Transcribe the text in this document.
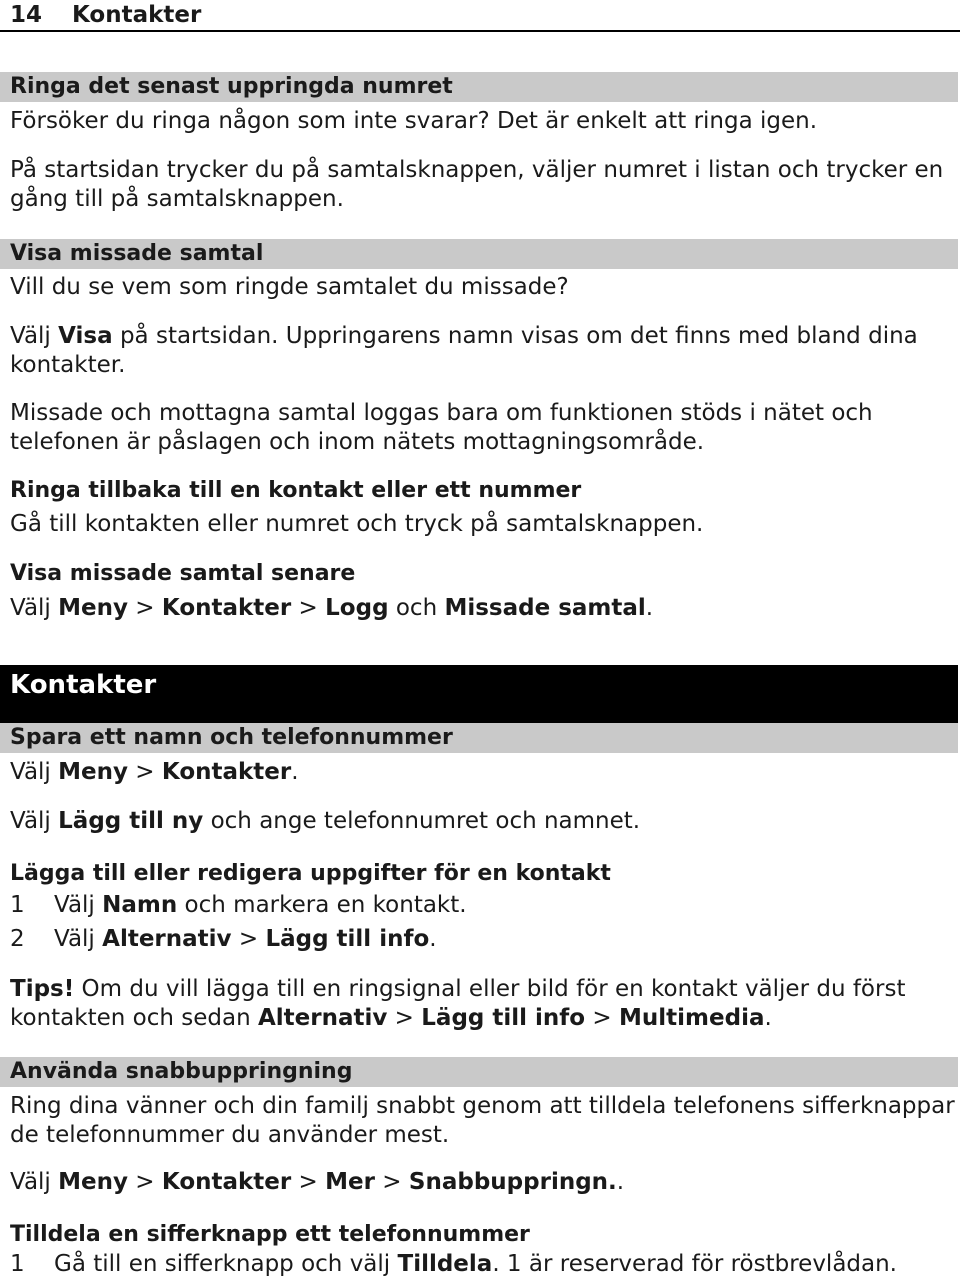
14 Kontakter
Ringa det senast uppringda numret
Försöker du ringa någon som inte svarar? Det är enkelt att ringa igen.
På startsidan trycker du på samtalsknappen, väljer numret i listan och trycker en gång till på samtalsknappen.
Visa missade samtal
Vill du se vem som ringde samtalet du missade?
Välj Visa på startsidan. Uppringarens namn visas om det finns med bland dina kontakter.
Missade och mottagna samtal loggas bara om funktionen stöds i nätet och telefonen är påslagen och inom nätets mottagningsområde.
Ringa tillbaka till en kontakt eller ett nummer
Gå till kontakten eller numret och tryck på samtalsknappen.
Visa missade samtal senare
Välj Meny > Kontakter > Logg och Missade samtal.
Kontakter
Spara ett namn och telefonnummer
Välj Meny > Kontakter.
Välj Lägg till ny och ange telefonnumret och namnet.
Lägga till eller redigera uppgifter för en kontakt
1 Välj Namn och markera en kontakt.
2 Välj Alternativ > Lägg till info.
Tips! Om du vill lägga till en ringsignal eller bild för en kontakt väljer du först kontakten och sedan Alternativ > Lägg till info > Multimedia.
Använda snabbuppringning
Ring dina vänner och din familj snabbt genom att tilldela telefonens sifferknappar de telefonnummer du använder mest.
Välj Meny > Kontakter > Mer > Snabbuppringn..
Tilldela en sifferknapp ett telefonnummer
1 Gå till en sifferknapp och välj Tilldela. 1 är reserverad för röstbrevlådan.
